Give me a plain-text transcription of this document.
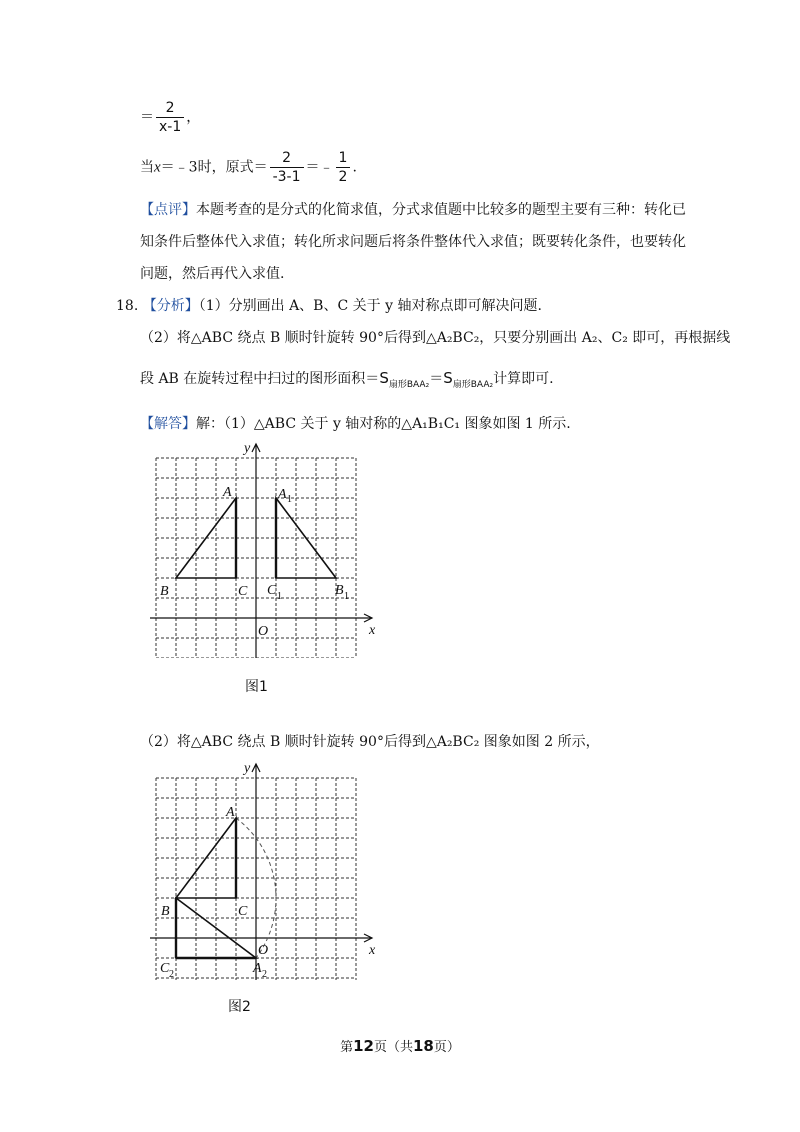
＝ $\frac{2}{x-1}$ ，
当x＝﹣3时，原式＝ $\frac{2}{-3-1}$ ＝﹣ $\frac{1}{2}$ .
【点评】本题考查的是分式的化简求值，分式求值题中比较多的题型主要有三种：转化已
知条件后整体代入求值；转化所求问题后将条件整体代入求值；既要转化条件，也要转化
问题，然后再代入求值.
18. 【分析】（1）分别画出 A、B、C 关于 y 轴对称点即可解决问题.
（2）将△ABC 绕点 B 顺时针旋转 90°后得到△A₂BC₂，只要分别画出 A₂、C₂ 即可，再根据线
段 AB 在旋转过程中扫过的图形面积$=S_{扇形BAA_2}=S_{扇形BAA_2}$计算即可.
【解答】解：（1）△ABC 关于 y 轴对称的△A₁B₁C₁ 图象如图 1 所示.
y
x
O
A
B	C
A 1
C 1	B 1
图1
（2）将△ABC 绕点 B 顺时针旋转 90°后得到△A₂BC₂ 图象如图 2 所示，
y
x
O
A
B	C
C 2	A 2
图2
第12页（共18页）
